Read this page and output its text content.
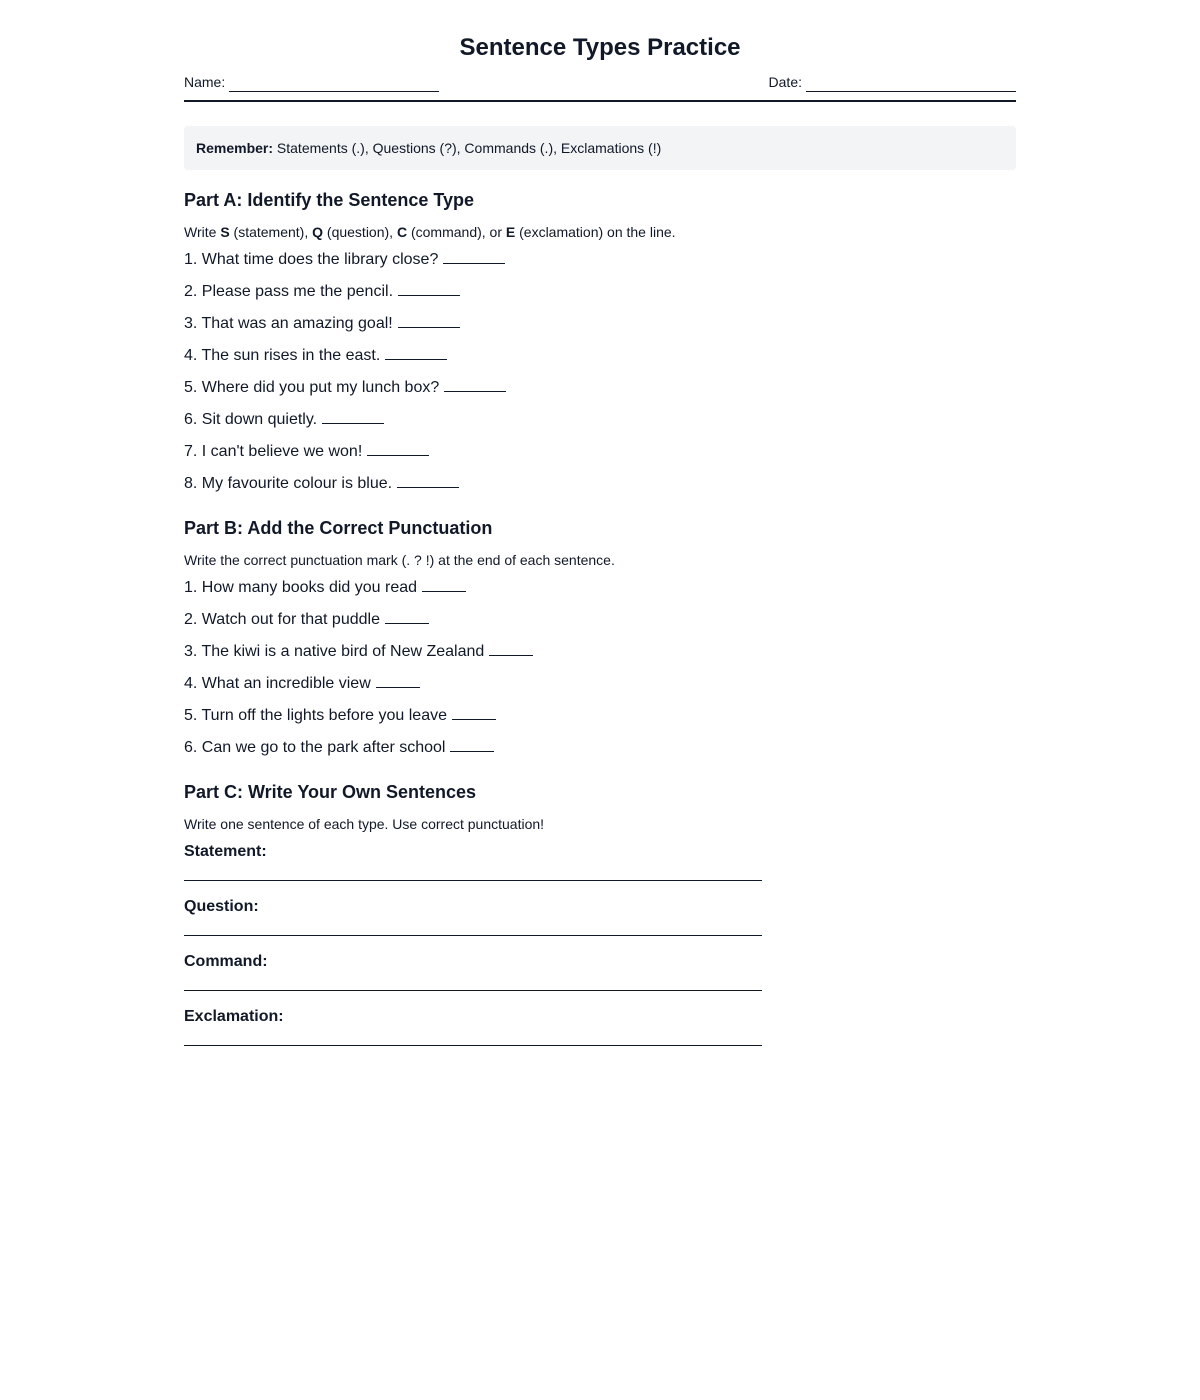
Sentence Types Practice
Name:	Date:
Remember: Statements (.), Questions (?), Commands (.), Exclamations (!)
Part A: Identify the Sentence Type
Write S (statement), Q (question), C (command), or E (exclamation) on the line.
1. What time does the library close?
2. Please pass me the pencil.
3. That was an amazing goal!
4. The sun rises in the east.
5. Where did you put my lunch box?
6. Sit down quietly.
7. I can't believe we won!
8. My favourite colour is blue.
Part B: Add the Correct Punctuation
Write the correct punctuation mark (. ? !) at the end of each sentence.
1. How many books did you read
2. Watch out for that puddle
3. The kiwi is a native bird of New Zealand
4. What an incredible view
5. Turn off the lights before you leave
6. Can we go to the park after school
Part C: Write Your Own Sentences
Write one sentence of each type. Use correct punctuation!
Statement:
Question:
Command:
Exclamation:
